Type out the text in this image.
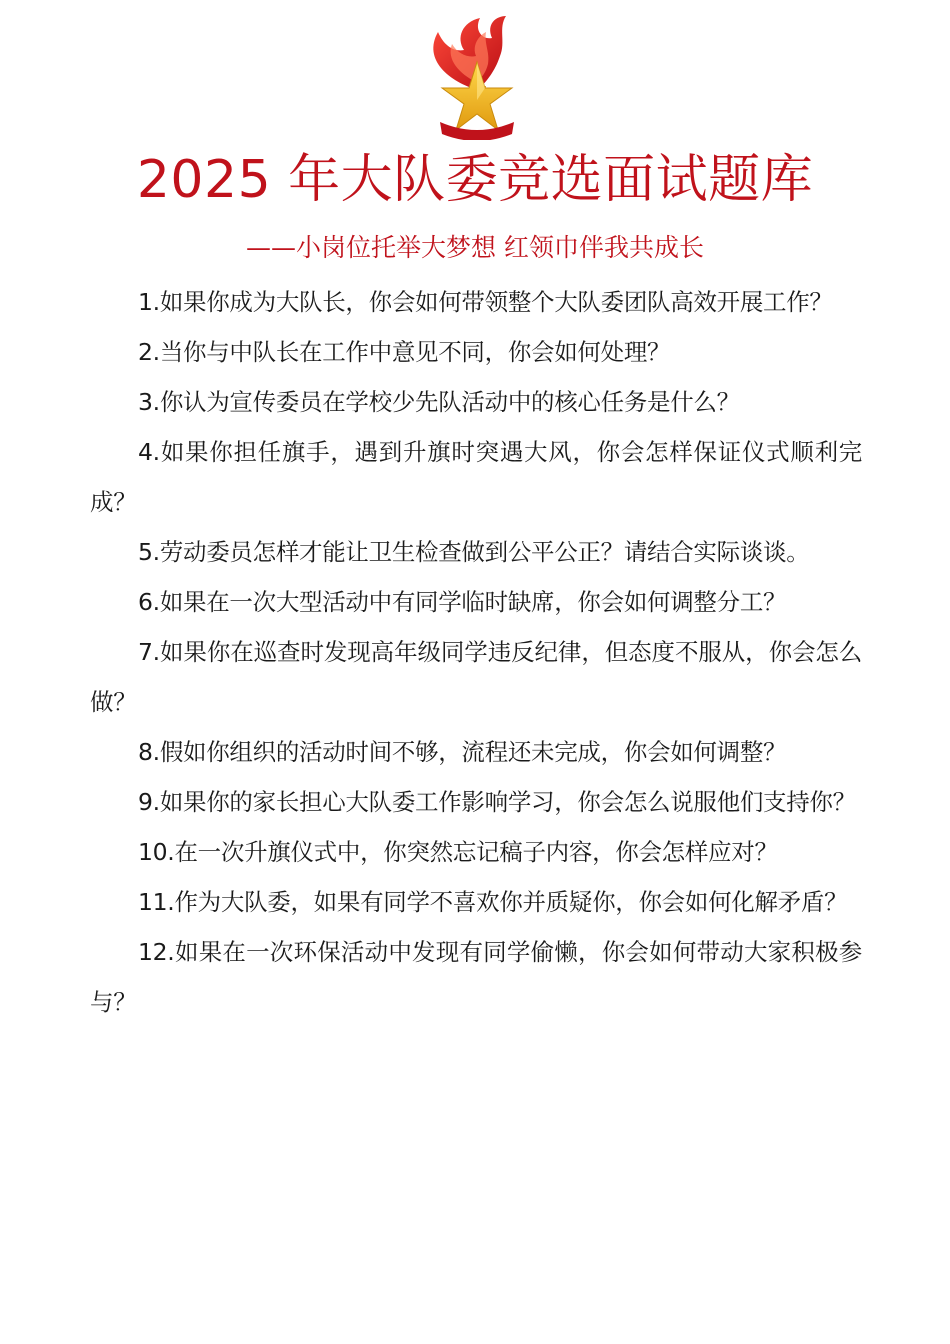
2025 年大队委竞选面试题库
——小岗位托举大梦想 红领巾伴我共成长
1.如果你成为大队长，你会如何带领整个大队委团队高效开展工作？
2.当你与中队长在工作中意见不同，你会如何处理？
3.你认为宣传委员在学校少先队活动中的核心任务是什么？
4.如果你担任旗手，遇到升旗时突遇大风，你会怎样保证仪式顺利完成？
5.劳动委员怎样才能让卫生检查做到公平公正？请结合实际谈谈。
6.如果在一次大型活动中有同学临时缺席，你会如何调整分工？
7.如果你在巡查时发现高年级同学违反纪律，但态度不服从，你会怎么做？
8.假如你组织的活动时间不够，流程还未完成，你会如何调整？
9.如果你的家长担心大队委工作影响学习，你会怎么说服他们支持你？
10.在一次升旗仪式中，你突然忘记稿子内容，你会怎样应对？
11.作为大队委，如果有同学不喜欢你并质疑你，你会如何化解矛盾？
12.如果在一次环保活动中发现有同学偷懒，你会如何带动大家积极参与？
